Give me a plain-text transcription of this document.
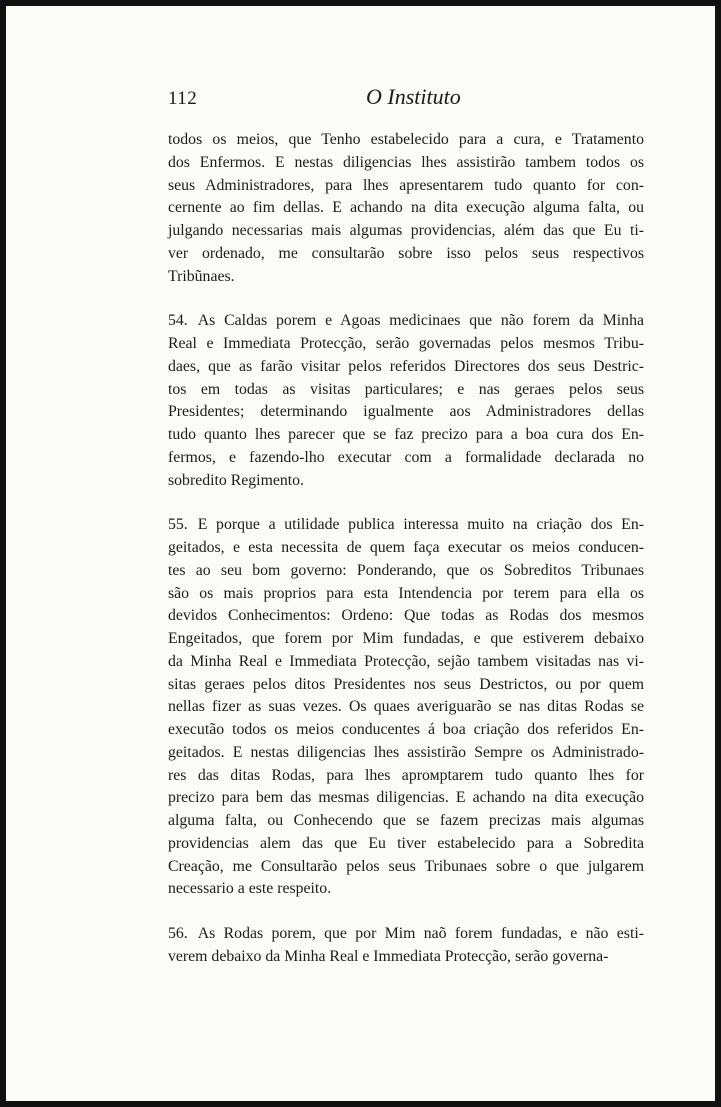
112	O Instituto
todos os meios, que Tenho estabelecido para a cura, e Tratamento
dos Enfermos. E nestas diligencias lhes assistirão tambem todos os
seus Administradores, para lhes apresentarem tudo quanto for con-
cernente ao fim dellas. E achando na dita execução alguma falta, ou
julgando necessarias mais algumas providencias, além das que Eu ti-
ver ordenado, me consultarão sobre isso pelos seus respectivos
Tribũnaes.
54. As Caldas porem e Agoas medicinaes que não forem da Minha
Real e Immediata Protecção, serão governadas pelos mesmos Tribu-
daes, que as farão visitar pelos referidos Directores dos seus Destric-
tos em todas as visitas particulares; e nas geraes pelos seus
Presidentes; determinando igualmente aos Administradores dellas
tudo quanto lhes parecer que se faz precizo para a boa cura dos En-
fermos, e fazendo-lho executar com a formalidade declarada no
sobredito Regimento.
55. E porque a utilidade publica interessa muito na criação dos En-
geitados, e esta necessita de quem faça executar os meios conducen-
tes ao seu bom governo: Ponderando, que os Sobreditos Tribunaes
são os mais proprios para esta Intendencia por terem para ella os
devidos Conhecimentos: Ordeno: Que todas as Rodas dos mesmos
Engeitados, que forem por Mim fundadas, e que estiverem debaixo
da Minha Real e Immediata Protecção, sejão tambem visitadas nas vi-
sitas geraes pelos ditos Presidentes nos seus Destrictos, ou por quem
nellas fizer as suas vezes. Os quaes averiguarão se nas ditas Rodas se
executão todos os meios conducentes á boa criação dos referidos En-
geitados. E nestas diligencias lhes assistirão Sempre os Administrado-
res das ditas Rodas, para lhes aprомptarem tudo quanto lhes for
precizo para bem das mesmas diligencias. E achando na dita execução
alguma falta, ou Conhecendo que se fazem precizas mais algumas
providencias alem das que Eu tiver estabelecido para a Sobredita
Creação, me Consultarão pelos seus Tribunaes sobre o que julgarem
necessario a este respeito.
56. As Rodas porem, que por Mim naõ forem fundadas, e não esti-
verem debaixo da Minha Real e Immediata Protecção, serão governa-
